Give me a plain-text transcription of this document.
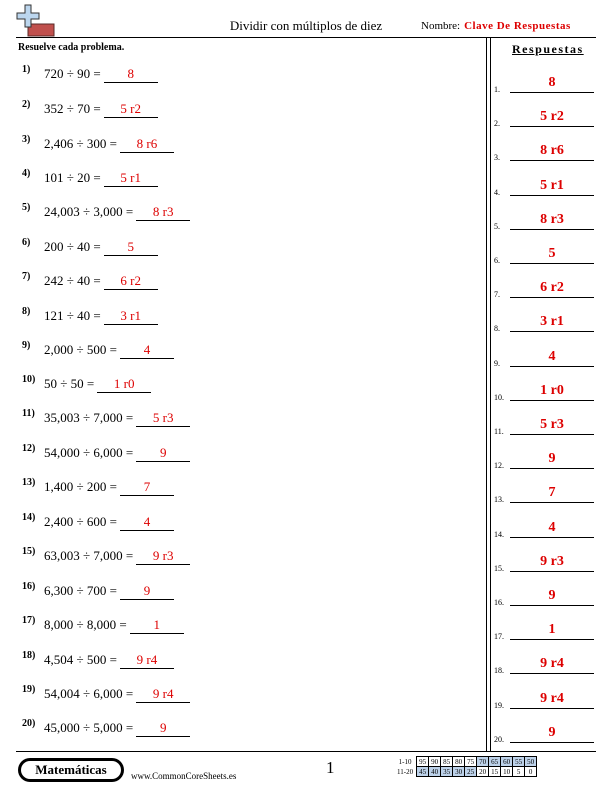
Dividir con múltiplos de diez	Nombre: Clave De Respuestas
Resuelve cada problema.
1) 720 ÷ 90 = 8
2) 352 ÷ 70 = 5 r2
3) 2,406 ÷ 300 = 8 r6
4) 101 ÷ 20 = 5 r1
5) 24,003 ÷ 3,000 = 8 r3
6) 200 ÷ 40 = 5
7) 242 ÷ 40 = 6 r2
8) 121 ÷ 40 = 3 r1
9) 2,000 ÷ 500 = 4
10) 50 ÷ 50 = 1 r0
11) 35,003 ÷ 7,000 = 5 r3
12) 54,000 ÷ 6,000 = 9
13) 1,400 ÷ 200 = 7
14) 2,400 ÷ 600 = 4
15) 63,003 ÷ 7,000 = 9 r3
16) 6,300 ÷ 700 = 9
17) 8,000 ÷ 8,000 = 1
18) 4,504 ÷ 500 = 9 r4
19) 54,004 ÷ 6,000 = 9 r4
20) 45,000 ÷ 5,000 = 9
Respuestas
1.	8
2.	5 r2
3.	8 r6
4.	5 r1
5.	8 r3
6.	5
7.	6 r2
8.	3 r1
9.	4
10.	1 r0
11.	5 r3
12.	9
13.	7
14.	4
15.	9 r3
16.	9
17.	1
18.	9 r4
19.	9 r4
20.	9
Matemáticas	www.CommonCoreSheets.es	1	1-10	95	90	85	80	75	70	65	60	55	50
11-20	45	40	35	30	25	20	15	10	5	0
